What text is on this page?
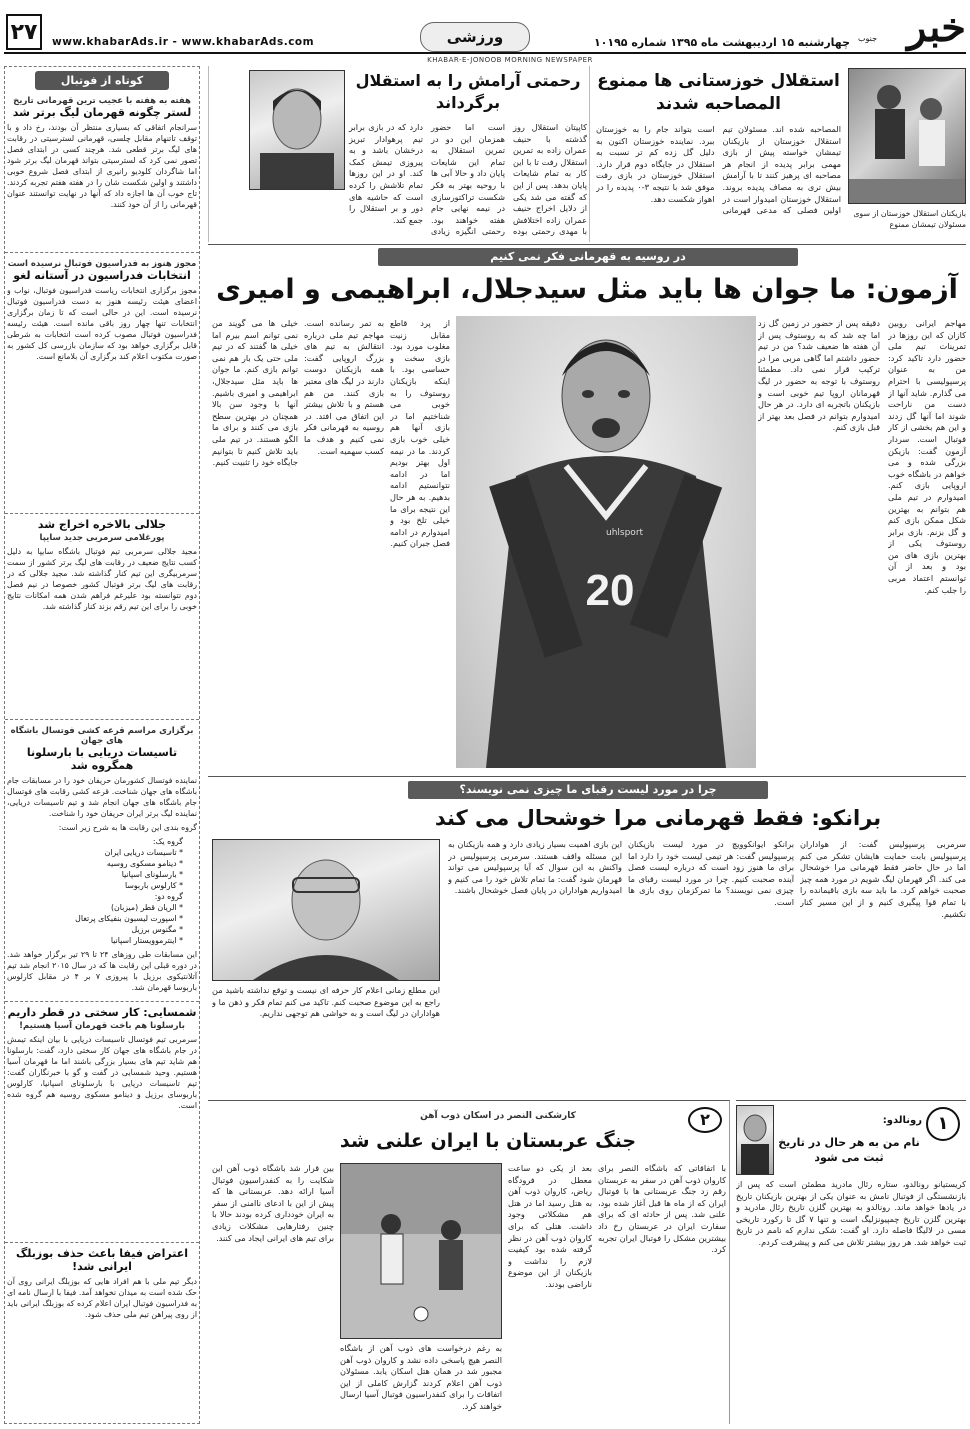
۲۷ www.khabarAds.ir - www.khabarAds.com	ورزشی	چهارشنبه ۱۵ اردیبهشت ماه ۱۳۹۵ شماره ۱۰۱۹۵	خبر
جنوب
KHABAR-E-JONOOB MORNING NEWSPAPER
کوتاه از فوتبال
هفته به هفته با عجیب ترین قهرمانی تاریخ
لستر چگونه قهرمان لیگ برتر شد

سرانجام اتفاقی که بسیاری منتظر آن بودند، رخ داد و با توقف تاتنهام مقابل چلسی، قهرمانی لسترسیتی در رقابت های لیگ برتر قطعی شد. هرچند کسی در ابتدای فصل تصور نمی کرد که لسترسیتی بتواند قهرمان لیگ برتر شود اما شاگردان کلودیو رانیری از ابتدای فصل شروع خوبی داشتند و اولین شکست شان را در هفته هفتم تجربه کردند. تاج خوب آن ها اجازه داد که آنها در نهایت توانستند عنوان قهرمانی را از آن خود کنند.

مجوز هنوز به فدراسیون فوتبال نرسیده است
انتخابات فدراسیون در آستانه لغو

مجوز برگزاری انتخابات ریاست فدراسیون فوتبال، نواب و اعضای هیئت رئیسه هنوز به دست فدراسیون فوتبال نرسیده است. این در حالی است که تا زمان برگزاری انتخابات تنها چهار روز باقی مانده است. هیئت رئیسه فدراسیون فوتبال مصوب کرده است انتخابات به شرطی قابل برگزاری خواهد بود که سازمان بازرسی کل کشور به صورت مکتوب اعلام کند برگزاری آن بلامانع است.

جلالی بالاخره اخراج شد
پورغلامی سرمربی جدید سایپا

مجید جلالی سرمربی تیم فوتبال باشگاه سایپا به دلیل کسب نتایج ضعیف در رقابت های لیگ برتر کشور از سمت سرمربیگری این تیم کنار گذاشته شد. مجید جلالی که در رقابت های لیگ برتر فوتبال کشور خصوصا در نیم فصل دوم نتوانسته بود علیرغم فراهم شدن همه امکانات نتایج خوبی را برای این تیم رقم بزند کنار گذاشته شد.

برگزاری مراسم قرعه کشی فوتسال باشگاه های جهان
تاسیسات دریایی با بارسلونا همگروه شد

نماینده فوتسال کشورمان حریفان خود را در مسابقات جام باشگاه های جهان شناخت. قرعه کشی رقابت های فوتسال جام باشگاه های جهان انجام شد و تیم تاسیسات دریایی، نماینده لیگ برتر ایران حریفان خود را شناخت.

گروه بندی این رقابت ها به شرح زیر است:

گروه یک:
* تاسیسات دریایی ایران
* دینامو مسکوی روسیه
* بارسلونای اسپانیا
* کارلوس باربوسا
گروه دو:
* الریان قطر (میزبان)
* اسپورت لیسبون بنفیکای پرتغال
* مگنوس برزیل
* اینترموویستار اسپانیا

این مسابقات طی روزهای ۲۴ تا ۲۹ تیر برگزار خواهد شد. در دوره قبلی این رقابت ها که در سال ۲۰۱۵ انجام شد تیم آتلانتیکوی برزیل با پیروزی ۷ بر ۴ در مقابل کارلوس باربوسا قهرمان شد.

شمسایی: کار سختی در قطر داریم
بارسلونا هم باخت قهرمان آسیا هستیم!

سرمربی تیم فوتسال تاسیسات دریایی با بیان اینکه تیمش در جام باشگاه های جهان کار سختی دارد، گفت: بارسلونا هم شاید تیم های بسیار بزرگی باشند اما ما قهرمان آسیا هستیم. وحید شمسایی در گفت و گو با خبرنگاران گفت: تیم تاسیسات دریایی با بارسلونای اسپانیا، کارلوس باربوسای برزیل و دینامو مسکوی روسیه هم گروه شده است.

اعتراض فیفا باعث حذف بوزبلگ ایرانی شد!

دیگر تیم ملی با هم افراد هایی که بوزبلگ ایرانی روی آن حک شده است به میدان نخواهد آمد. فیفا با ارسال نامه ای به فدراسیون فوتبال ایران اعلام کرده که بوزبلگ ایرانی باید از روی پیراهن تیم ملی حذف شود.

استقلال خوزستانی ها ممنوع المصاحبه شدند
بازیکنان استقلال خوزستان از سوی مسئولان تیمشان ممنوع
المصاحبه شده اند. مسئولان تیم استقلال خوزستان از بازیکنان تیمشان خواسته پیش از بازی مهمی برابر پدیده از انجام هر مصاحبه ای پرهیز کنند تا با آرامش بیش تری به مصاف پدیده بروند. استقلال خوزستان امیدوار است در اولین فصلی که مدعی قهرمانی است بتواند جام را به خوزستان ببرد. نماینده خوزستان اکنون به دلیل گل زده کم تر نسبت به استقلال در جایگاه دوم قرار دارد. استقلال خوزستان در بازی رفت موفق شد با نتیجه ۳-۰ پدیده را در اهواز شکست دهد.
رحمتی آرامش را به استقلال برگرداند
کاپیتان استقلال روز گذشته با حنیف عمران زاده به تمرین استقلال رفت تا با این کار به تمام شایعات پایان بدهد. پس از این که گفته می شد یکی از دلایل اخراج حنیف عمران زاده اختلافش با مهدی رحمتی بوده است اما حضور همزمان این دو در تمرین استقلال به تمام این شایعات پایان داد و حالا آبی ها با روحیه بهتر به فکر شکست تراکتورسازی در نیمه نهایی جام هفته خواهند بود. رحمتی انگیزه زیادی دارد که در بازی برابر تیم پرهوادار تبریز درخشان باشد و به پیروزی تیمش کمک کند. او در این روزها تمام تلاشش را کرده است که حاشیه های دور و بر استقلال را جمع کند.
در روسیه به قهرمانی فکر نمی کنیم
آزمون: ما جوان ها باید مثل سیدجلال، ابراهیمی و امیری
20
uhlsport
مهاجم ایرانی روبین کازان که این روزها در تمرینات تیم ملی حضور دارد تاکید کرد: من به عنوان پرسپولیسی با احترام می گذارم. شاید آنها از دست من ناراحت شوند اما آنها گل زدند و این هم بخشی از کار فوتبال است. سردار آزمون گفت: بازیکن بزرگی شده و می خواهم در باشگاه خوب اروپایی بازی کنم. امیدوارم در تیم ملی هم بتوانم به بهترین شکل ممکن بازی کنم و گل بزنم. بازی برابر روستوف یکی از بهترین بازی های من بود و بعد از آن توانستم اعتماد مربی را جلب کنم.
دقیقه پس از حضور در زمین گل زد اما چه شد که به روستوف پس از آن هفته ها ضعیف شد؟ من در تیم حضور داشتم اما گاهی مربی مرا در ترکیب قرار نمی داد. مطمئنا روستوف با توجه به حضور در لیگ قهرمانان اروپا تیم خوبی است و بازیکنان باتجربه ای دارد. در هر حال امیدوارم بتوانم در فصل بعد بهتر از قبل بازی کنم.
از پرد قاطع مقابل زنیت مغلوب مورد بود. بازی سخت و حساسی بود. با اینکه بازیکنان روستوف را به خوبی می شناختیم اما در بازی آنها هم خیلی خوب بازی کردند. ما در نیمه اول بهتر بودیم اما در ادامه نتوانستیم ادامه بدهیم. به هر حال این نتیجه برای ما خیلی تلخ بود و امیدوارم در ادامه فصل جبران کنیم.
به تمر رسانده است. مهاجم تیم ملی درباره انتقالش به تیم های بزرگ اروپایی گفت: همه بازیکنان دوست دارند در لیگ های معتبر بازی کنند. من هم هستم و با تلاش بیشتر این اتفاق می افتد. در روسیه به قهرمانی فکر نمی کنیم و هدف ما کسب سهمیه است.
خیلی ها می گویند من نمی توانم اسم بیرم اما خیلی ها گفتند که در تیم ملی حتی یک بار هم نمی توانم بازی کنم. ما جوان ها باید مثل سیدجلال، ابراهیمی و امیری باشیم. آنها با وجود سن بالا همچنان در بهترین سطح بازی می کنند و برای ما الگو هستند. در تیم ملی باید تلاش کنیم تا بتوانیم جایگاه خود را تثبیت کنیم.
چرا در مورد لیست رقبای ما چیزی نمی نویسند؟
برانکو: فقط قهرمانی مرا خوشحال می کند
سرمربی پرسپولیس گفت: از هواداران پرسپولیس بابت حمایت هایشان تشکر می کنم اما در حال حاضر فقط قهرمانی مرا خوشحال می کند. اگر قهرمان لیگ شویم در مورد همه چیز صحبت خواهم کرد. ما باید سه بازی باقیمانده را با تمام قوا پیگیری کنیم و از این مسیر کنار نکشیم.
برانکو ایوانکوویچ در مورد لیست بازیکنان پرسپولیس گفت: هر تیمی لیست خود را دارد اما برای ما هنوز زود است که درباره لیست فصل آینده صحبت کنیم. چرا در مورد لیست رقبای ما چیزی نمی نویسند؟ ما تمرکزمان روی بازی ها است.
این بازی اهمیت بسیار زیادی دارد و همه بازیکنان به این مسئله واقف هستند. سرمربی پرسپولیس در واکنش به این سوال که آیا پرسپولیس می تواند قهرمان شود گفت: ما تمام تلاش خود را می کنیم و امیدواریم هواداران در پایان فصل خوشحال باشند.
این مطلع زمانی اعلام کار حرفه ای نیست و توقع نداشته باشید من راجع به این موضوع صحبت کنم. تاکید می کنم تمام فکر و ذهن ما و هواداران در لیگ است و به حواشی هم توجهی نداریم.
۱
رونالدو:
نام من به هر حال در تاریخ ثبت می شود
کریستیانو رونالدو، ستاره رئال مادرید مطمئن است که پس از بازنشستگی از فوتبال نامش به عنوان یکی از بهترین بازیکنان تاریخ در یادها خواهد ماند. رونالدو به بهترین گلزن تاریخ رئال مادرید و بهترین گلزن تاریخ چمپیونزلیگ است و تنها ۷ گل تا رکورد تاریخی مسی در لالیگا فاصله دارد. او گفت: شکی ندارم که نامم در تاریخ ثبت خواهد شد. هر روز بیشتر تلاش می کنم و پیشرفت کردم.
۲
کارشکنی النصر در اسکان ذوب آهن
جنگ عربستان با ایران علنی شد
با اتفاقاتی که باشگاه النصر برای کاروان ذوب آهن در سفر به عربستان رقم زد جنگ عربستانی ها با فوتبال ایران که از ماه ها قبل آغاز شده بود، علنی شد. پس از حادثه ای که برای سفارت ایران در عربستان رخ داد بیشترین مشکل را فوتبال ایران تجربه کرد.
بعد از یکی دو ساعت معطل در فرودگاه ریاض، کاروان ذوب آهن به هتل رسید اما در هتل هم مشکلاتی وجود داشت. هتلی که برای کاروان ذوب آهن در نظر گرفته شده بود کیفیت لازم را نداشت و بازیکنان از این موضوع ناراضی بودند.
به رغم درخواست های ذوب آهن از باشگاه النصر هیچ پاسخی داده نشد و کاروان ذوب آهن مجبور شد در همان هتل اسکان یابد. مسئولان ذوب آهن اعلام کردند گزارش کاملی از این اتفاقات را برای کنفدراسیون فوتبال آسیا ارسال خواهند کرد.
بین قرار شد باشگاه ذوب آهن این شکایت را به کنفدراسیون فوتبال آسیا ارائه دهد. عربستانی ها که پیش از این با ادعای ناامنی از سفر به ایران خودداری کرده بودند حالا با چنین رفتارهایی مشکلات زیادی برای تیم های ایرانی ایجاد می کنند.
